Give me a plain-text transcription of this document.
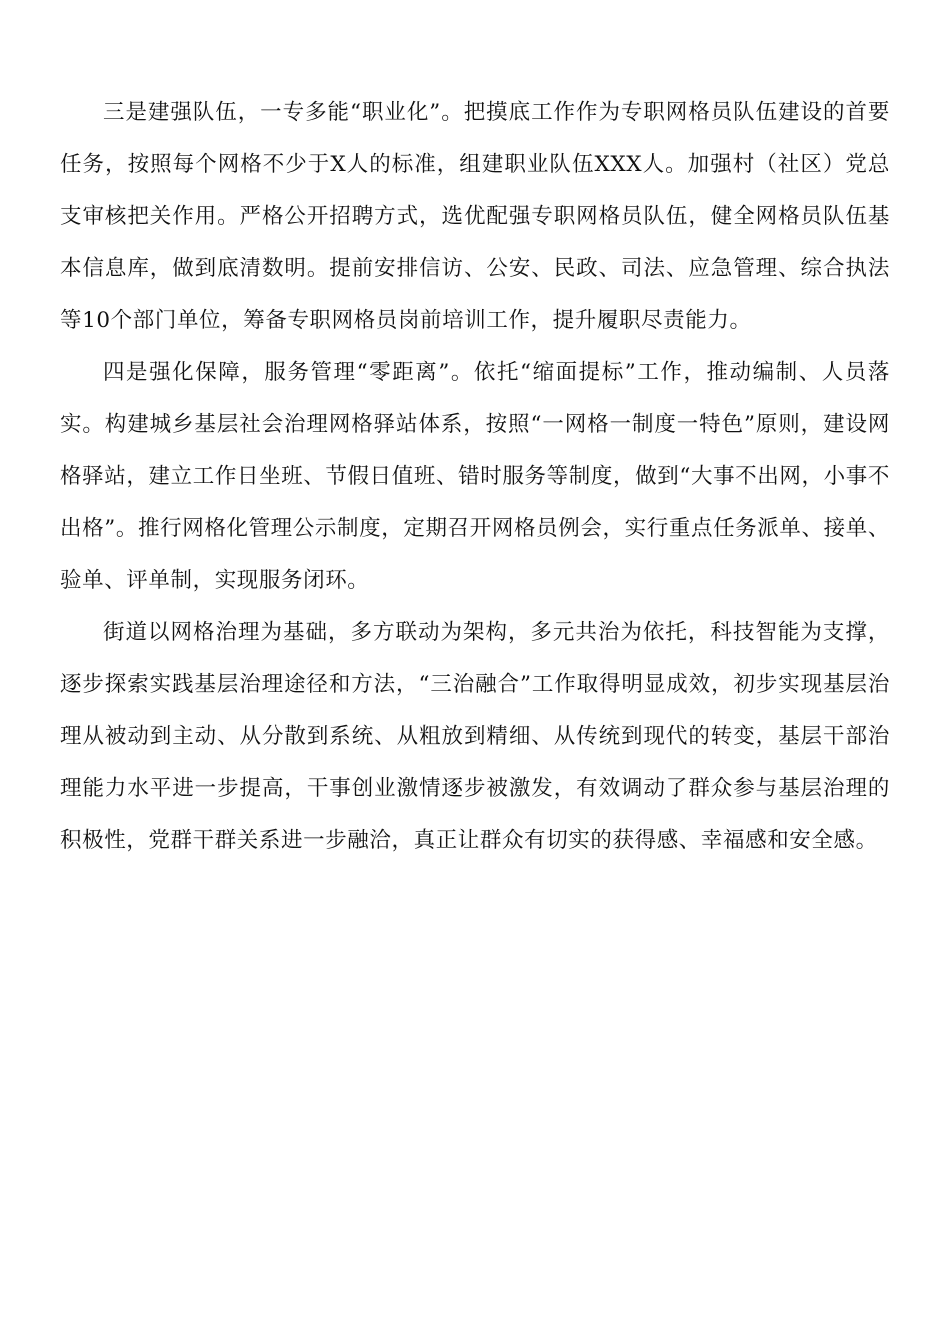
三是建强队伍，一专多能“职业化”。把摸底工作作为专职网格员队伍建设的首要任务，按照每个网格不少于X人的标准，组建职业队伍XXX人。加强村（社区）党总支审核把关作用。严格公开招聘方式，选优配强专职网格员队伍，健全网格员队伍基本信息库，做到底清数明。提前安排信访、公安、民政、司法、应急管理、综合执法等10个部门单位，筹备专职网格员岗前培训工作，提升履职尽责能力。

四是强化保障，服务管理“零距离”。依托“缩面提标”工作，推动编制、人员落实。构建城乡基层社会治理网格驿站体系，按照“一网格一制度一特色”原则，建设网格驿站，建立工作日坐班、节假日值班、错时服务等制度，做到“大事不出网，小事不出格”。推行网格化管理公示制度，定期召开网格员例会，实行重点任务派单、接单、验单、评单制，实现服务闭环。

街道以网格治理为基础，多方联动为架构，多元共治为依托，科技智能为支撑，逐步探索实践基层治理途径和方法，“三治融合”工作取得明显成效，初步实现基层治理从被动到主动、从分散到系统、从粗放到精细、从传统到现代的转变，基层干部治理能力水平进一步提高，干事创业激情逐步被激发，有效调动了群众参与基层治理的积极性，党群干群关系进一步融洽，真正让群众有切实的获得感、幸福感和安全感。
